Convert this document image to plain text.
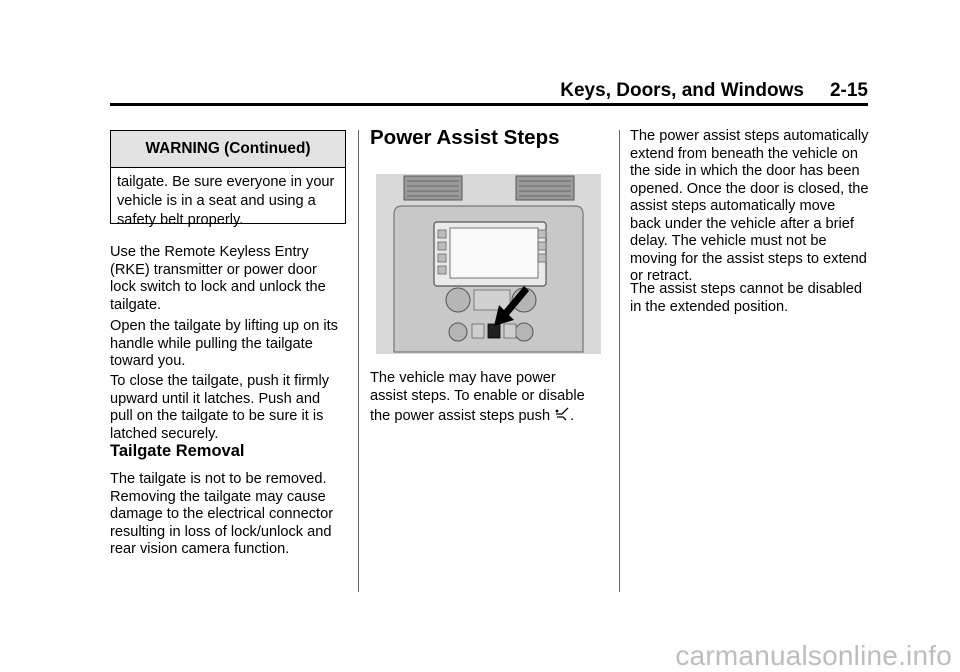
Keys, Doors, and Windows 2-15
WARNING (Continued)
tailgate. Be sure everyone in your vehicle is in a seat and using a safety belt properly.

Use the Remote Keyless Entry (RKE) transmitter or power door lock switch to lock and unlock the tailgate.

Open the tailgate by lifting up on its handle while pulling the tailgate toward you.

To close the tailgate, push it firmly upward until it latches. Push and pull on the tailgate to be sure it is latched securely.

Tailgate Removal

The tailgate is not to be removed. Removing the tailgate may cause damage to the electrical connector resulting in loss of lock/unlock and rear vision camera function.

Power Assist Steps

The vehicle may have power
assist steps. To enable or disable
the power assist steps push .

The power assist steps automatically extend from beneath the vehicle on the side in which the door has been opened. Once the door is closed, the assist steps automatically move back under the vehicle after a brief delay. The vehicle must not be moving for the assist steps to extend or retract.

The assist steps cannot be disabled in the extended position.

carmanualsonline.info
